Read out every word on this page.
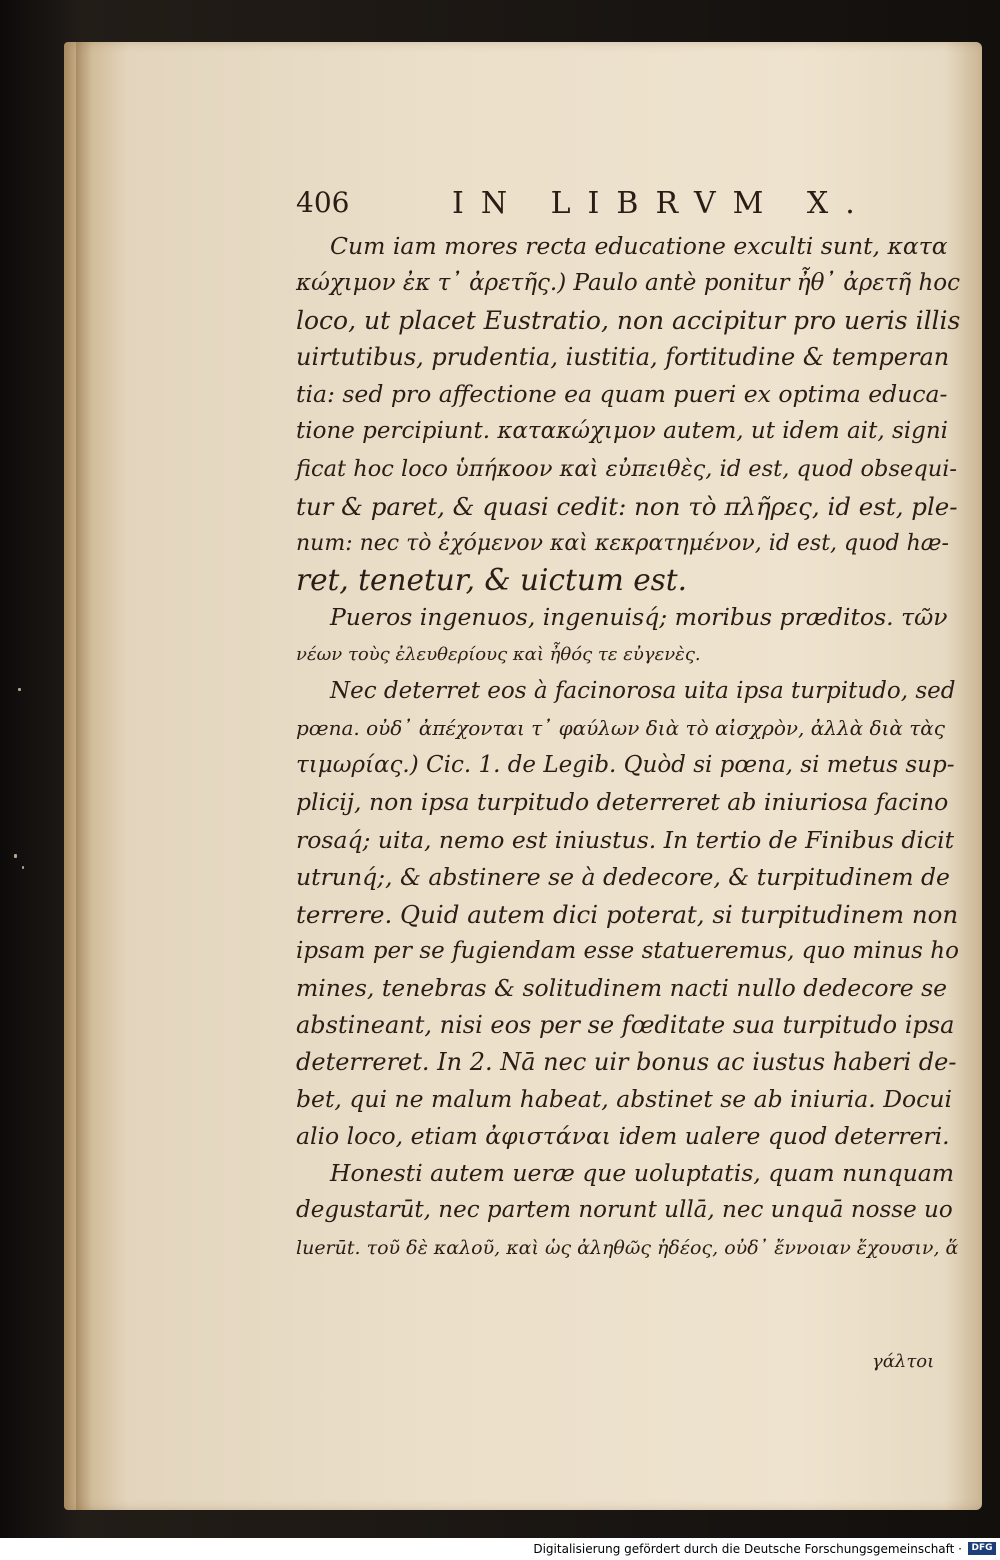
406	IN LIBRVM X.
Cum iam mores recta educatione exculti sunt, κατα
κώχιμον ἐκ τ᾽ ἀρετῆς.) Paulo antè ponitur ἦθ᾽ ἀρετῆ hoc
loco, ut placet Eustratio, non accipitur pro ueris illis
uirtutibus, prudentia, iustitia, fortitudine & temperan
tia: sed pro affectione ea quam pueri ex optima educa-
tione percipiunt. κατακώχιμον autem, ut idem ait, signi
ficat hoc loco ὑπήκοον καὶ εὐπειθὲς, id est, quod obsequi-
tur & paret, & quasi cedit: non τὸ πλῆρες, id est, ple-
num: nec τὸ ἐχόμενον καὶ κεκρατημένον, id est, quod hæ-
ret, tenetur, & uictum est.
Pueros ingenuos, ingenuisq́; moribus præditos. τῶν
νέων τοὺς ἐλευθερίους καὶ ἦθός τε εὐγενὲς.
Nec deterret eos à facinorosa uita ipsa turpitudo, sed
pœna. οὐδ᾽ ἀπέχονται τ᾽ φαύλων διὰ τὸ αἰσχρὸν, ἀλλὰ διὰ τὰς
τιμωρίας.) Cic. 1. de Legib. Quòd si pœna, si metus sup-
plicij, non ipsa turpitudo deterreret ab iniuriosa facino
rosaq́; uita, nemo est iniustus. In tertio de Finibus dicit
utrunq́;, & abstinere se à dedecore, & turpitudinem de
terrere. Quid autem dici poterat, si turpitudinem non
ipsam per se fugiendam esse statueremus, quo minus ho
mines, tenebras & solitudinem nacti nullo dedecore se
abstineant, nisi eos per se fœditate sua turpitudo ipsa
deterreret. In 2. Nā nec uir bonus ac iustus haberi de-
bet, qui ne malum habeat, abstinet se ab iniuria. Docui
alio loco, etiam ἀφιστάναι idem ualere quod deterreri.
Honesti autem ueræ que uoluptatis, quam nunquam
degustarūt, nec partem norunt ullā, nec unquā nosse uo
luerūt. τοῦ δὲ καλοῦ, καὶ ὡς ἀληθῶς ἡδέος, οὐδ᾽ ἔννοιαν ἔχουσιν, ἅ
γάλτοι
Digitalisierung gefördert durch die Deutsche Forschungsgemeinschaft ·	DFG
